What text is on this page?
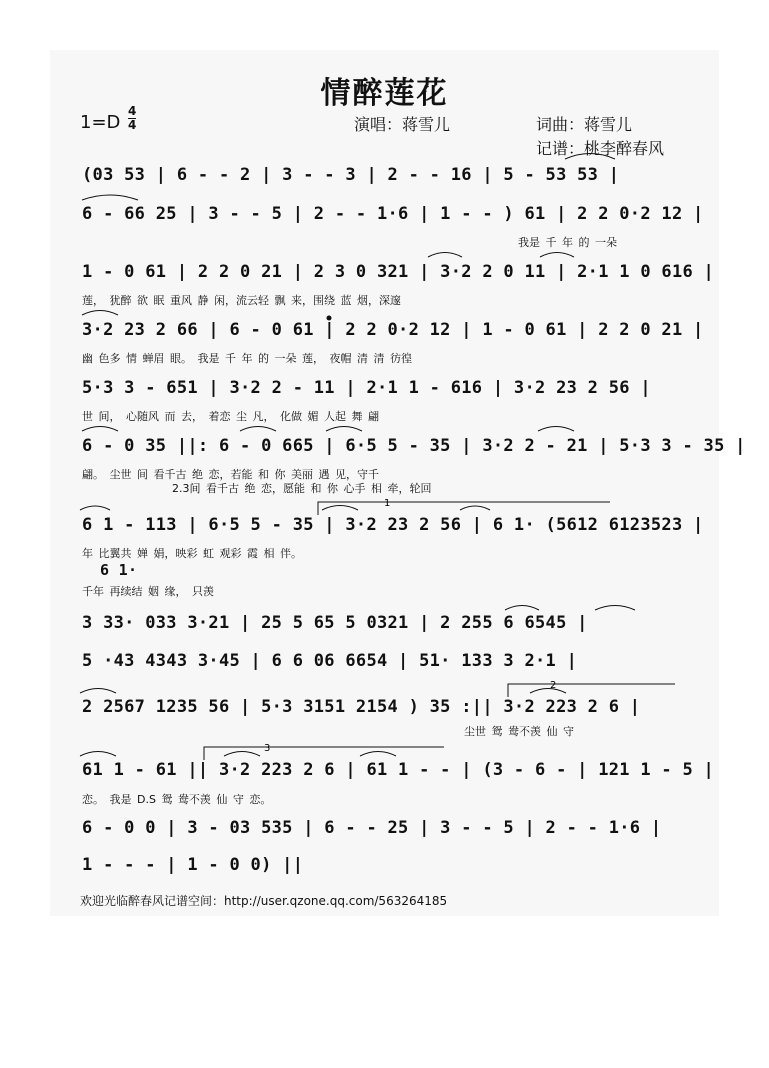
情醉莲花
1=D
4
4	演唱：蒋雪儿	词曲：蒋雪儿
记谱：桃李醉春风
(03 53 | 6 - - 2 | 3 - - 3 | 2 - - 16 | 5 - 53 53 |
6 - 66 25 | 3 - - 5 | 2 - - 1·6 | 1 - - ) 61 | 2 2 0·2 12 |
我是 千 年 的 一朵
1 - 0 61 | 2 2 0 21 | 2 3 0 321 | 3·2 2 0 11 | 2·1 1 0 616 |
莲， 犹醉 欲 眠 重风 静 闲，流云轻 飘 来，围绕 蓝 烟，深邃
3·2 23 2 66 | 6 - 0 61 | 2 2 0·2 12 | 1 - 0 61 | 2 2 0 21 |
幽 色多 情 蝉眉 眼。 我是 千 年 的 一朵 莲， 夜帽 清 清 彷徨
5·3 3 - 651 | 3·2 2 - 11 | 2·1 1 - 616 | 3·2 23 2 56 |
世 间， 心随风 而 去， 着恋 尘 凡， 化做 媚 人起 舞 翩
6 - 0 35 ||: 6 - 0 665 | 6·5 5 - 35 | 3·2 2 - 21 | 5·3 3 - 35 |
翩。 尘世 间 看千古 绝 恋，若能 和 你 美丽 遇 见，守千
2.3间 看千古 绝 恋，愿能 和 你 心手 相 牵，轮回
6 1 - 113 | 6·5 5 - 35 | 3·2 23 2 56 | 6 1· (5612 6123523 |
年 比翼共 婵 娟，映彩 虹 观彩 霞 相 伴。
6 1·
千年 再续结 姻 缘， 只羡
3 33· 033 3·21 | 25 5 65 5 0321 | 2 255 6 6545 |
5 ·43 4343 3·45 | 6 6 06 6654 | 51· 133 3 2·1 |
2 2567 1235 56 | 5·3 3151 2154 ) 35 :|| 3·2 223 2 6 |
尘世 鸳 鸯不羡 仙 守
61 1 - 61 || 3·2 223 2 6 | 61 1 - - | (3 - 6 - | 121 1 - 5 |
恋。 我是 D.S 鸳 鸯不羡 仙 守 恋。
6 - 0 0 | 3 - 03 535 | 6 - - 25 | 3 - - 5 | 2 - - 1·6 |
1 - - - | 1 - 0 0) ||
欢迎光临醉春风记谱空间：http://user.qzone.qq.com/563264185
1
2
3
